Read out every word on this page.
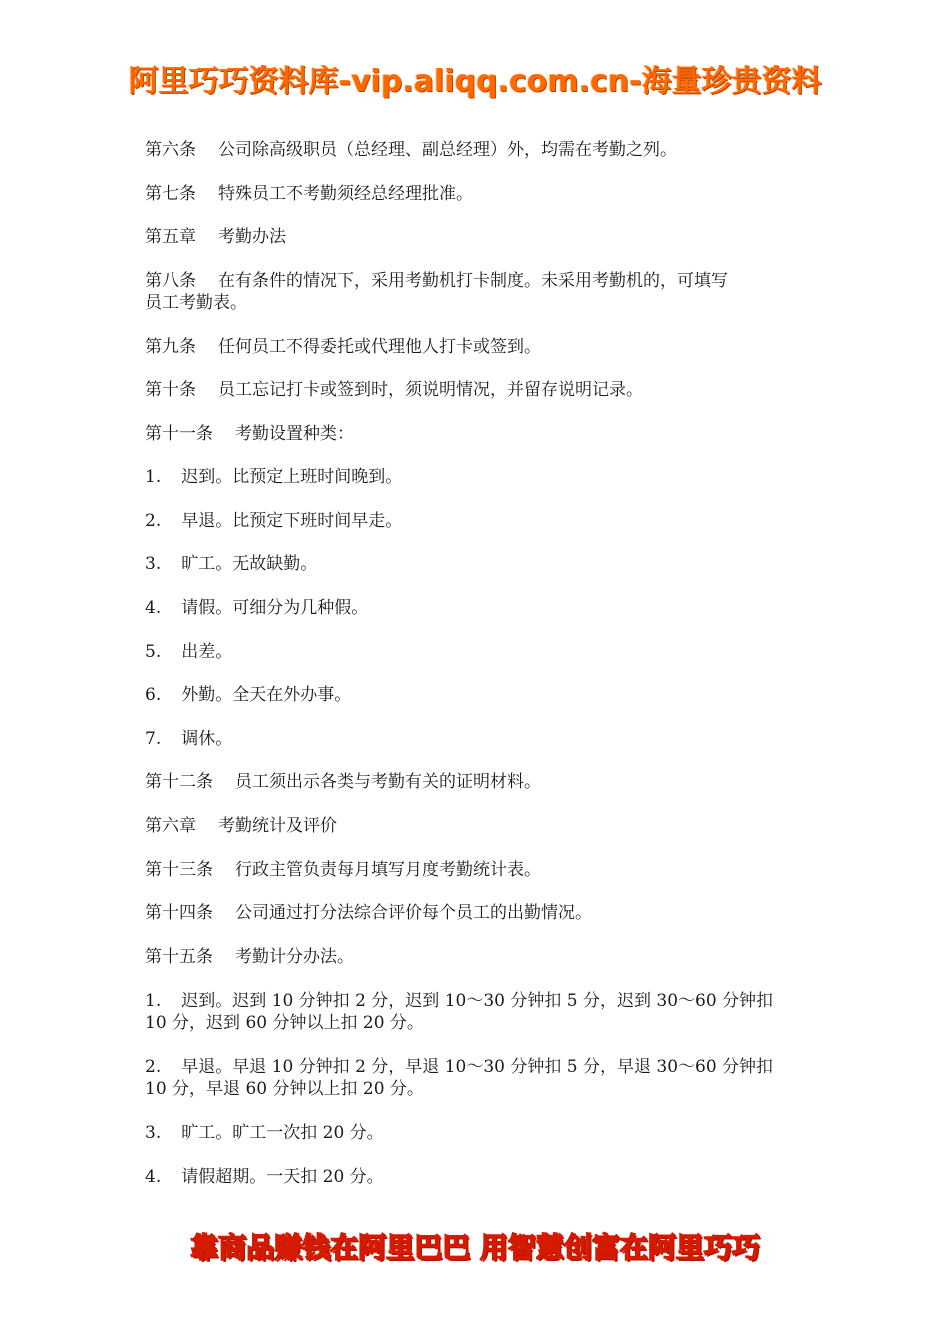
阿里巧巧资料库-vip.aliqq.com.cn-海量珍贵资料
第六条 公司除高级职员（总经理、副总经理）外，均需在考勤之列。
第七条 特殊员工不考勤须经总经理批准。
第五章 考勤办法
第八条 在有条件的情况下，采用考勤机打卡制度。未采用考勤机的，可填写
员工考勤表。
第九条 任何员工不得委托或代理他人打卡或签到。
第十条 员工忘记打卡或签到时，须说明情况，并留存说明记录。
第十一条 考勤设置种类：
1. 迟到。比预定上班时间晚到。
2. 早退。比预定下班时间早走。
3. 旷工。无故缺勤。
4. 请假。可细分为几种假。
5. 出差。
6. 外勤。全天在外办事。
7. 调休。
第十二条 员工须出示各类与考勤有关的证明材料。
第六章 考勤统计及评价
第十三条 行政主管负责每月填写月度考勤统计表。
第十四条 公司通过打分法综合评价每个员工的出勤情况。
第十五条 考勤计分办法。
1. 迟到。迟到 10 分钟扣 2 分，迟到 10～30 分钟扣 5 分，迟到 30～60 分钟扣
10 分，迟到 60 分钟以上扣 20 分。
2. 早退。早退 10 分钟扣 2 分，早退 10～30 分钟扣 5 分，早退 30～60 分钟扣
10 分，早退 60 分钟以上扣 20 分。
3. 旷工。旷工一次扣 20 分。
4. 请假超期。一天扣 20 分。
靠商品赚钱在阿里巴巴 用智慧创富在阿里巧巧
